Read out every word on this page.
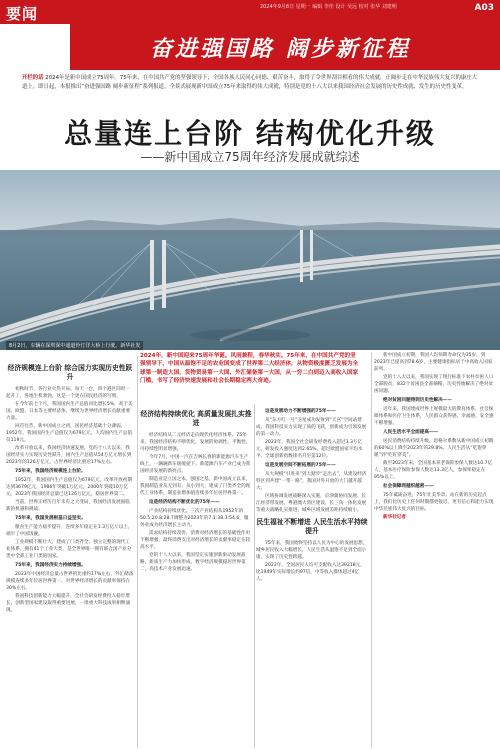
要闻	2024年9月8日 星期一 编辑 李佳 设计 吴远 校对 张华 刘建明	A03
奋进强国路 阔步新征程
开栏的话 2024年是新中国成立75周年。75年来，在中国共产党的坚强领导下，全国各族人民同心同德、艰苦奋斗，取得了令世界刮目相看的伟大成就，正阔步走在中华民族伟大复兴的康庄大道上。即日起，本报推出“奋进强国路 阔步新征程”系列报道，全景式展现新中国成立75年来取得的伟大成就，特别是党的十八大以来我国经济社会发展的历史性成就、发生的历史性变革。
总量连上台阶 结构优化升级
——新中国成立75周年经济发展成就综述
8月2日，车辆在深圳深中通道伶仃洋大桥上行驶。新华社发
2024年，新中国迎来75周年华诞。风雨兼程，春华秋实。75年来，在中国共产党的坚强领导下，中国从温饱不足的农业国变成了世界第二大经济体，从物资极度匮乏发展为全球第一制造大国、货物贸易第一大国、外汇储备第一大国，从一穷二白到迈入高收入国家门槛，书写了经济快速发展和社会长期稳定两大奇迹。
经济规模连上台阶 综合国力实现历史性跃升

初秋时节，各行业火热开局。每天一台，四个港区同时一起开工，各地生机勃勃，这是一个更在国民经济的写照。

在今年前七个月，我国国内生产总值同比增长5%，高于美国、欧盟、日本等主要经济体，继续为世界经济增长贡献重要力量。

回首往昔，新中国成立之初，国民经济基础十分薄弱。1952年，我国国内生产总值仅为679亿元，人均国内生产总值仅119元。

改革开放以来，我国经济快速发展。党的十八大以来，我国经济实力实现历史性跃升，国内生产总值从54万亿元增长到2023年的126万亿元，占世界经济比重达17%左右。

75年来，我国经济规模连上台阶。

1952年，我国国内生产总值仅为679亿元，改革开放初期达到3679亿元，1986年突破1万亿元，2000年突破10万亿元。2023年我国经济总量已达126万亿元，稳居世界第二。

当前，世界正经历百年未有之大变局，我国经济发展面临新的机遇和挑战。

75年来，我国发展根基日益坚实。

粮食生产能力稳步提升，连续多年稳定在1.3万亿斤以上，端牢了中国饭碗。

工业规模不断壮大，建成了门类齐全、独立完整的现代工业体系，拥有41个工业大类，是全世界唯一拥有联合国产业分类中全部工业门类的国家。

75年来，我国经济实力持续增强。

2023年中国经济总量占世界的比重约17%左右，外汇储备规模连续多年位居世界第一，对世界经济增长的贡献率保持在30%左右。

我国科技创新能力大幅提升，全社会研发经费投入稳步增长，创新型国家建设取得重要进展，一批重大科技成果相继涌现。

经济结构持续优化 高质量发展扎实推进

经济结构从二元经济走向现代化经济体系。75年来，我国经济结构不断优化，发展的协调性、平衡性、可持续性明显增强。

今年7月，中国一汽在吉林长春的新能源汽车生产线上，一辆辆新车缓缓驶下。新能源汽车产业已成为我国经济发展的新亮点。

制造业是立国之本、强国之基。新中国成立以来，我国制造业从无到有、从小到大，建成了门类齐全的现代工业体系，制造业增加值连续多年位居世界第一。

这是经济结构不断优化的75年——

产业结构持续优化。三次产业结构从1952年的50.5:20.8:28.7调整为2023年的7.1:38.3:54.6，服务业成为经济增长主动力。

需求结构持续改善，消费对经济增长的基础性作用不断增强，最终消费支出对经济增长的贡献率稳定在较高水平。

党的十八大以来，我国坚定实施创新驱动发展战略，新质生产力加快形成，数字经济规模稳居世界第二，高技术产业发展迅速。

这是发展动力不断增强的75年——

从“东方红一号”卫星成功发射到“天宫”空间站建成，我国科技实力实现了质的飞跃，创新成为引领发展的第一动力。

2023年，我国全社会研发经费投入超过3.3万亿元，研发投入强度达到2.65%，超过欧盟国家平均水平。全球创新指数排名升至第12位。

这是发展空间不断拓展的75年——

从大规模“引进来”到大踏步“走出去”，从建设经济特区到共建“一带一路”，我国对外开放的大门越开越大。

区域协调发展战略深入实施，京津冀协同发展、长江经济带发展、粤港澳大湾区建设、长三角一体化发展等重大战略扎实推进，城乡区域发展差距持续缩小。

民生福祉不断增进 人民生活水平持续提升

75年来，我国始终坚持以人民为中心的发展思想，城乡居民收入大幅增长，人民生活从温饱不足到全面小康，实现了历史性跨越。

2023年，全国居民人均可支配收入达39218元，比1949年实际增长约97倍，中等收入群体超过4亿人。

新中国成立初期，我国人均预期寿命仅为35岁，到2023年已提高到78.6岁，主要健康指标居于中高收入国家前列。

党的十八大以来，我国实现了现行标准下农村贫困人口全部脱贫，832个贫困县全部摘帽，历史性地解决了绝对贫困问题。

绝对贫困问题得到历史性解决——

近年来，我国建成世界上规模最大的教育体系、社会保障体系和医疗卫生体系，人民群众获得感、幸福感、安全感不断增强。

人民生活水平全面提高——

居民消费结构持续升级，恩格尔系数从新中国成立初期的60%以上降至2023年的29.8%，人民生活从“吃饱穿暖”到“吃好穿美”。

截至2023年末，全国基本养老保险参保人数达10.7亿人，基本医疗保险参保人数达13.3亿人，参保率稳定在95%以上。

社会保障网越织越密——

75年砥砺奋进，75年壮美华章。站在新的历史起点上，我们比历史上任何时期都更接近、更有信心和能力实现中华民族伟大复兴的目标。

新华社记者
